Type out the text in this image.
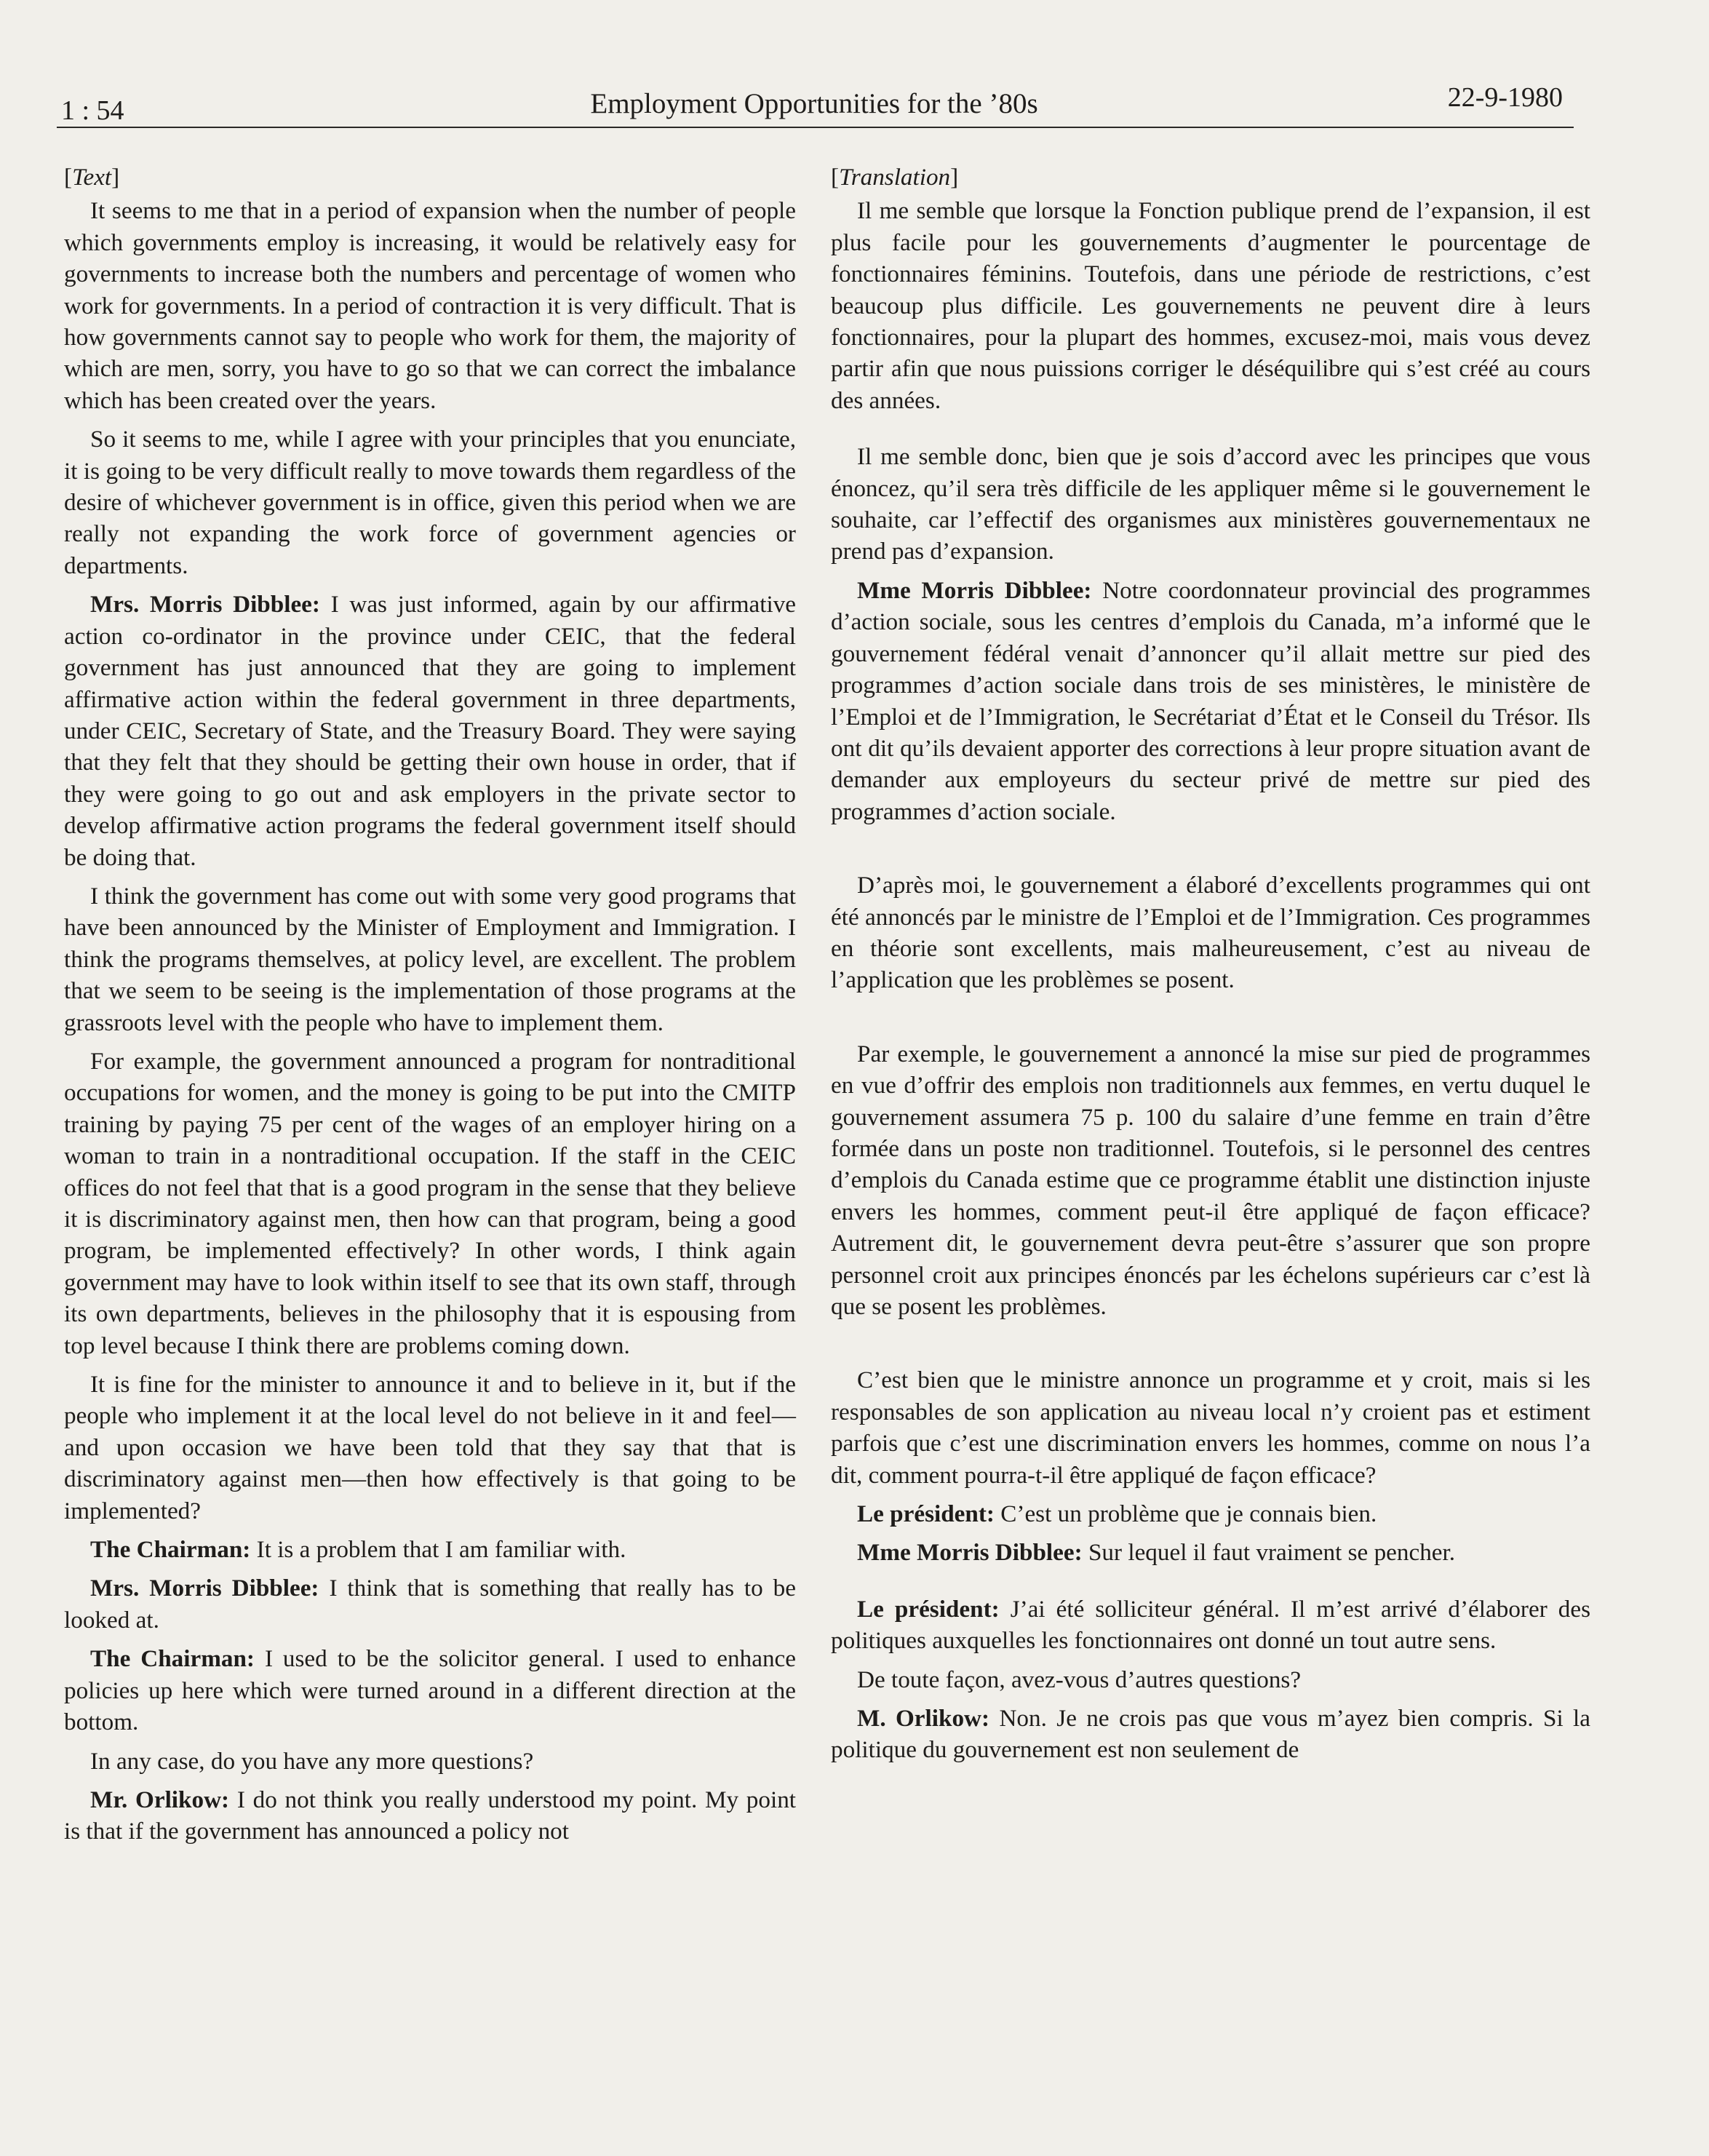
1 : 54	Employment Opportunities for the ’80s	22-9-1980
[ Text ]

It seems to me that in a period of expansion when the number of people which governments employ is increasing, it would be relatively easy for governments to increase both the numbers and percentage of women who work for governments. In a period of contraction it is very difficult. That is how governments cannot say to people who work for them, the majority of which are men, sorry, you have to go so that we can correct the imbalance which has been created over the years.

So it seems to me, while I agree with your principles that you enunciate, it is going to be very difficult really to move towards them regardless of the desire of whichever government is in office, given this period when we are really not expanding the work force of government agencies or departments.

Mrs. Morris Dibblee: I was just informed, again by our affirmative action co-ordinator in the province under CEIC, that the federal government has just announced that they are going to implement affirmative action within the federal government in three departments, under CEIC, Secretary of State, and the Treasury Board. They were saying that they felt that they should be getting their own house in order, that if they were going to go out and ask employers in the private sector to develop affirmative action programs the federal government itself should be doing that.

I think the government has come out with some very good programs that have been announced by the Minister of Employment and Immigration. I think the programs themselves, at policy level, are excellent. The problem that we seem to be seeing is the implementation of those programs at the grassroots level with the people who have to implement them.

For example, the government announced a program for nontraditional occupations for women, and the money is going to be put into the CMITP training by paying 75 per cent of the wages of an employer hiring on a woman to train in a nontraditional occupation. If the staff in the CEIC offices do not feel that that is a good program in the sense that they believe it is discriminatory against men, then how can that program, being a good program, be implemented effectively? In other words, I think again government may have to look within itself to see that its own staff, through its own departments, believes in the philosophy that it is espousing from top level because I think there are problems coming down.

It is fine for the minister to announce it and to believe in it, but if the people who implement it at the local level do not believe in it and feel—and upon occasion we have been told that they say that that is discriminatory against men—then how effectively is that going to be implemented?

The Chairman: It is a problem that I am familiar with.

Mrs. Morris Dibblee: I think that is something that really has to be looked at.

The Chairman: I used to be the solicitor general. I used to enhance policies up here which were turned around in a different direction at the bottom.

In any case, do you have any more questions?

Mr. Orlikow: I do not think you really understood my point. My point is that if the government has announced a policy not

[ Translation ]

Il me semble que lorsque la Fonction publique prend de l’expansion, il est plus facile pour les gouvernements d’augmenter le pourcentage de fonctionnaires féminins. Toutefois, dans une période de restrictions, c’est beaucoup plus difficile. Les gouvernements ne peuvent dire à leurs fonctionnaires, pour la plupart des hommes, excusez-moi, mais vous devez partir afin que nous puissions corriger le déséquilibre qui s’est créé au cours des années.

Il me semble donc, bien que je sois d’accord avec les principes que vous énoncez, qu’il sera très difficile de les appliquer même si le gouvernement le souhaite, car l’effectif des organismes aux ministères gouvernementaux ne prend pas d’expansion.

Mme Morris Dibblee: Notre coordonnateur provincial des programmes d’action sociale, sous les centres d’emplois du Canada, m’a informé que le gouvernement fédéral venait d’annoncer qu’il allait mettre sur pied des programmes d’action sociale dans trois de ses ministères, le ministère de l’Emploi et de l’Immigration, le Secrétariat d’État et le Conseil du Trésor. Ils ont dit qu’ils devaient apporter des corrections à leur propre situation avant de demander aux employeurs du secteur privé de mettre sur pied des programmes d’action sociale.

D’après moi, le gouvernement a élaboré d’excellents programmes qui ont été annoncés par le ministre de l’Emploi et de l’Immigration. Ces programmes en théorie sont excellents, mais malheureusement, c’est au niveau de l’application que les problèmes se posent.

Par exemple, le gouvernement a annoncé la mise sur pied de programmes en vue d’offrir des emplois non traditionnels aux femmes, en vertu duquel le gouvernement assumera 75 p. 100 du salaire d’une femme en train d’être formée dans un poste non traditionnel. Toutefois, si le personnel des centres d’emplois du Canada estime que ce programme établit une distinction injuste envers les hommes, comment peut-il être appliqué de façon efficace? Autrement dit, le gouvernement devra peut-être s’assurer que son propre personnel croit aux principes énoncés par les échelons supérieurs car c’est là que se posent les problèmes.

C’est bien que le ministre annonce un programme et y croit, mais si les responsables de son application au niveau local n’y croient pas et estiment parfois que c’est une discrimination envers les hommes, comme on nous l’a dit, comment pourra-t-il être appliqué de façon efficace?

Le président: C’est un problème que je connais bien.

Mme Morris Dibblee: Sur lequel il faut vraiment se pencher.

Le président: J’ai été solliciteur général. Il m’est arrivé d’élaborer des politiques auxquelles les fonctionnaires ont donné un tout autre sens.

De toute façon, avez-vous d’autres questions?

M. Orlikow: Non. Je ne crois pas que vous m’ayez bien compris. Si la politique du gouvernement est non seulement de
